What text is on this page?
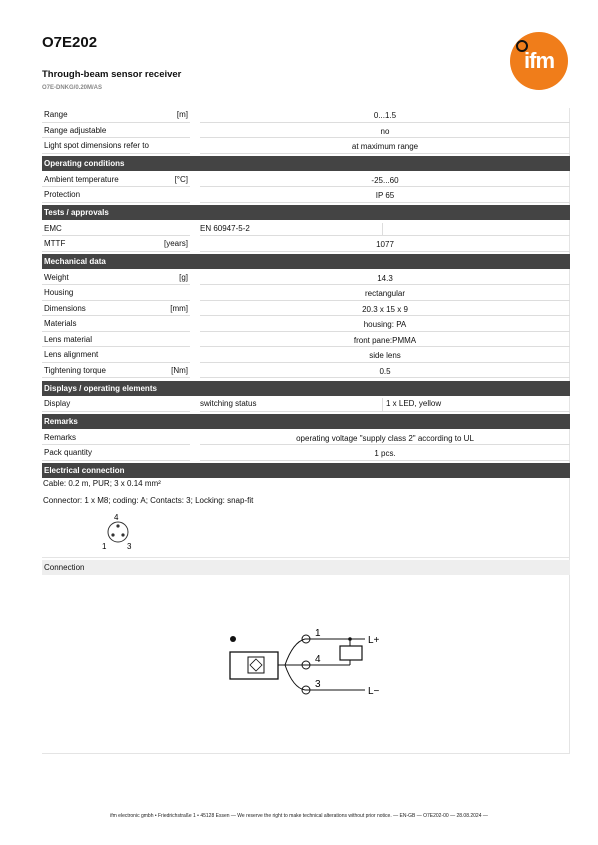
O7E202
Through-beam sensor receiver
O7E-DNKG/0.20M/AS
ifm
Range	[m]	0...1.5
Range adjustable	no
Light spot dimensions refer to	at maximum range
Operating conditions
Ambient temperature	[°C]	-25...60
Protection	IP 65
Tests / approvals
EMC	EN 60947-5-2
MTTF	[years]	1077
Mechanical data
Weight	[g]	14.3
Housing	rectangular
Dimensions	[mm]	20.3 x 15 x 9
Materials	housing: PA
Lens material	front pane:PMMA
Lens alignment	side lens
Tightening torque	[Nm]	0.5
Displays / operating elements
Display	switching status	1 x LED, yellow
Remarks
Remarks	operating voltage "supply class 2" according to UL
Pack quantity	1 pcs.
Electrical connection
Cable: 0.2 m, PUR; 3 x 0.14 mm²
Connector: 1 x M8; coding: A; Contacts: 3; Locking: snap-fit
4
1	3
Connection
1
4
3
L+
L−
ifm electronic gmbh • Friedrichstraße 1 • 45128 Essen — We reserve the right to make technical alterations without prior notice. — EN-GB — O7E202-00 — 28.08.2024 —
